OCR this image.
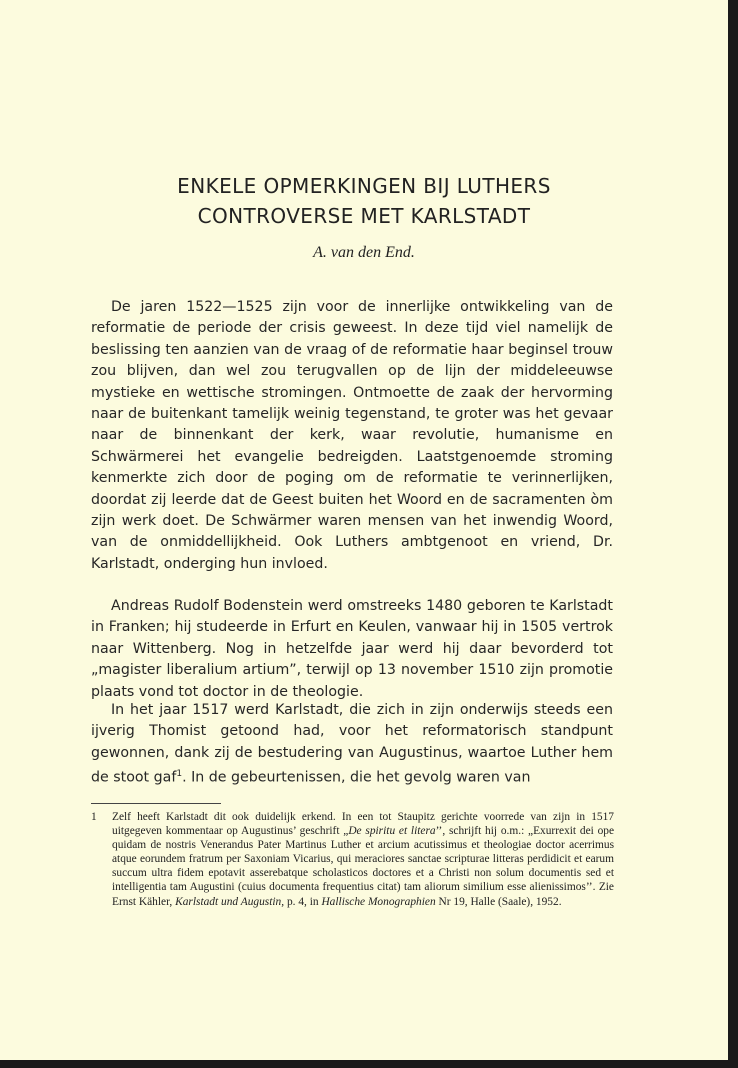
ENKELE OPMERKINGEN BIJ LUTHERS
CONTROVERSE MET KARLSTADT
A. van den End.

De jaren 1522—1525 zijn voor de innerlijke ontwikkeling van de reformatie de periode der crisis geweest. In deze tijd viel namelijk de beslissing ten aanzien van de vraag of de reformatie haar beginsel trouw zou blijven, dan wel zou terugvallen op de lijn der middeleeuwse mystieke en wettische stromingen. Ontmoette de zaak der hervorming naar de buitenkant tamelijk weinig tegenstand, te groter was het gevaar naar de binnenkant der kerk, waar revolutie, humanisme en Schwärmerei het evangelie bedreigden. Laatstgenoemde stroming kenmerkte zich door de poging om de reformatie te verinnerlijken, doordat zij leerde dat de Geest buiten het Woord en de sacramenten òm zijn werk doet. De Schwärmer waren mensen van het inwendig Woord, van de onmiddellijkheid. Ook Luthers ambtgenoot en vriend, Dr. Karlstadt, onderging hun invloed.

Andreas Rudolf Bodenstein werd omstreeks 1480 geboren te Karlstadt in Franken; hij studeerde in Erfurt en Keulen, vanwaar hij in 1505 vertrok naar Wittenberg. Nog in hetzelfde jaar werd hij daar bevorderd tot „magister liberalium artium”, terwijl op 13 november 1510 zijn promotie plaats vond tot doctor in de theologie.

In het jaar 1517 werd Karlstadt, die zich in zijn onderwijs steeds een ijverig Thomist getoond had, voor het reformatorisch standpunt gewonnen, dank zij de bestudering van Augustinus, waartoe Luther hem de stoot gaf$^1$. In de gebeurtenissen, die het gevolg waren van

1 Zelf heeft Karlstadt dit ook duidelijk erkend. In een tot Staupitz gerichte voorrede van zijn in 1517 uitgegeven kommentaar op Augustinus’ geschrift „De spiritu et litera’’, schrijft hij o.m.: „Exurrexit dei ope quidam de nostris Venerandus Pater Martinus Luther et arcium acutissimus et theologiae doctor acerrimus atque eorundem fratrum per Saxoniam Vicarius, qui meraciores sanctae scripturae litteras perdidicit et earum succum ultra fidem epotavit asserebatque scholasticos doctores et a Christi non solum documentis sed et intelligentia tam Augustini (cuius documenta frequentius citat) tam aliorum similium esse alienissimos’’. Zie Ernst Kähler, Karlstadt und Augustin, p. 4, in Hallische Monographien Nr 19, Halle (Saale), 1952.
